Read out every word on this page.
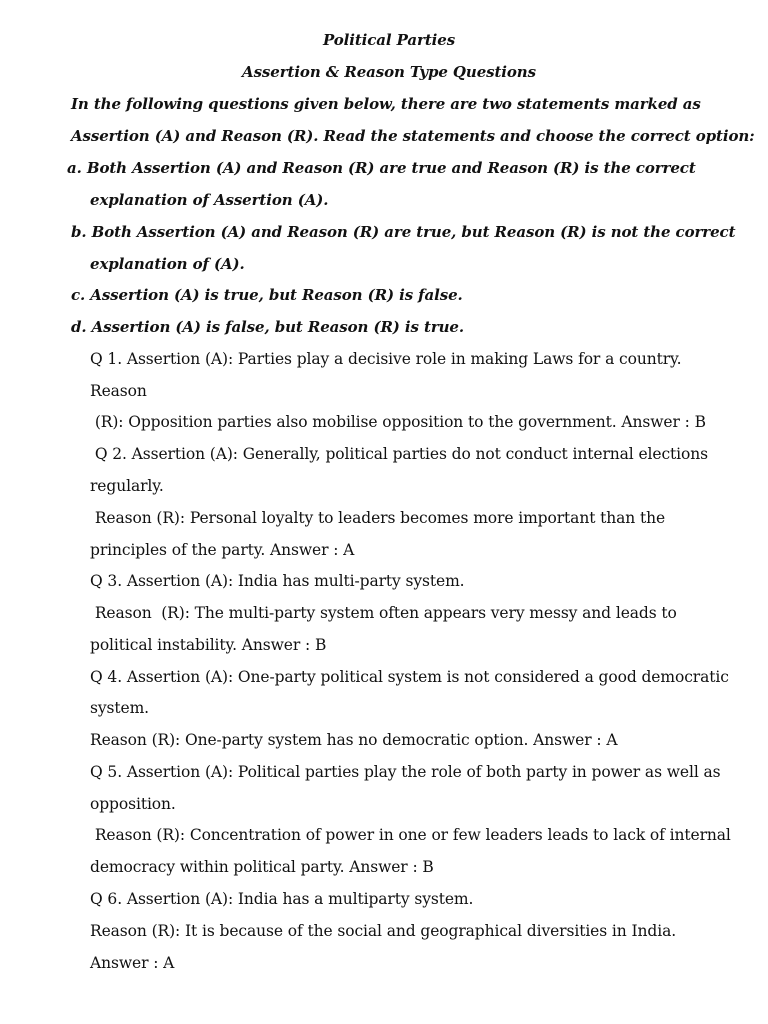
Political Parties
Assertion & Reason Type Questions
In the following questions given below, there are two statements marked as
Assertion (A) and Reason (R). Read the statements and choose the correct option:
a. Both Assertion (A) and Reason (R) are true and Reason (R) is the correct
explanation of Assertion (A).
b. Both Assertion (A) and Reason (R) are true, but Reason (R) is not the correct
explanation of (A).
c. Assertion (A) is true, but Reason (R) is false.
d. Assertion (A) is false, but Reason (R) is true.
Q 1. Assertion (A): Parties play a decisive role in making Laws for a country.
Reason
(R): Opposition parties also mobilise opposition to the government. Answer : B
Q 2. Assertion (A): Generally, political parties do not conduct internal elections
regularly.
Reason (R): Personal loyalty to leaders becomes more important than the
principles of the party. Answer : A
Q 3. Assertion (A): India has multi-party system.
Reason  (R): The multi-party system often appears very messy and leads to
political instability. Answer : B
Q 4. Assertion (A): One-party political system is not considered a good democratic
system.
Reason (R): One-party system has no democratic option. Answer : A
Q 5. Assertion (A): Political parties play the role of both party in power as well as
opposition.
Reason (R): Concentration of power in one or few leaders leads to lack of internal
democracy within political party. Answer : B
Q 6. Assertion (A): India has a multiparty system.
Reason (R): It is because of the social and geographical diversities in India.
Answer : A
